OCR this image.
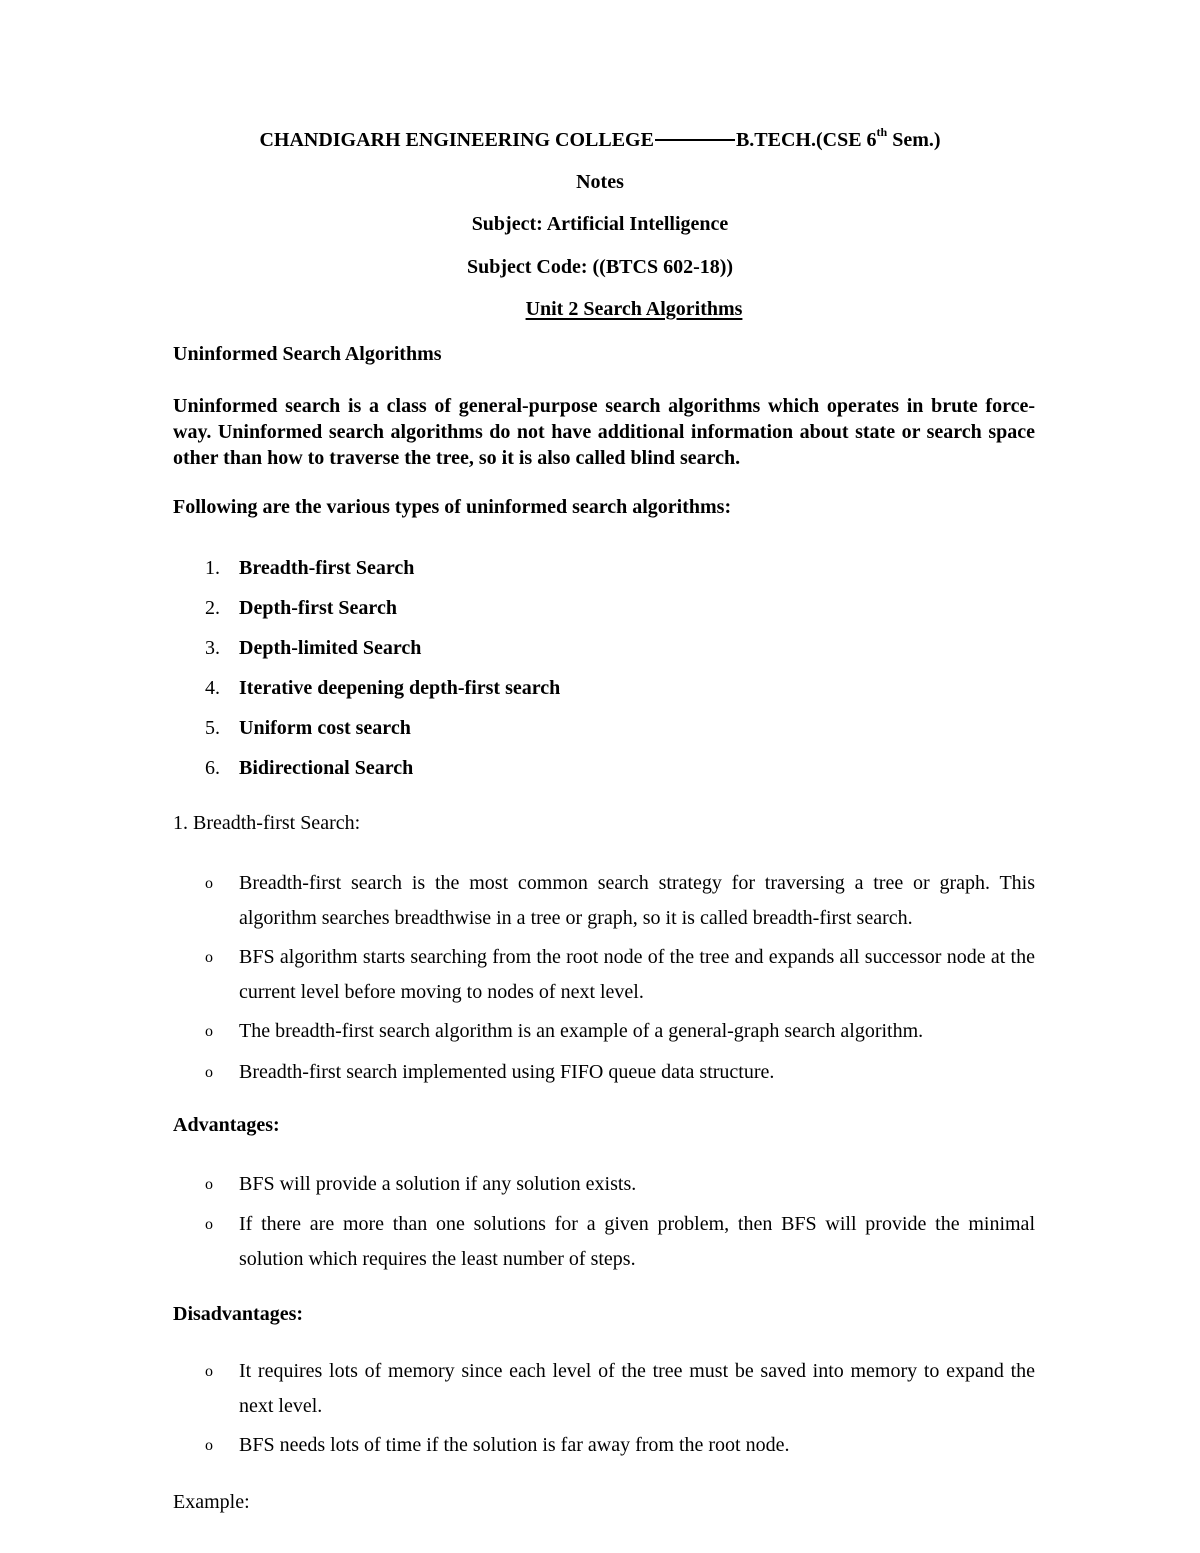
CHANDIGARH ENGINEERING COLLEGE	B.TECH.(CSE 6th Sem.)
Notes
Subject: Artificial Intelligence
Subject Code: ((BTCS 602-18))
Unit 2 Search Algorithms
Uninformed Search Algorithms
Uninformed search is a class of general-purpose search algorithms which operates in brute force-way. Uninformed search algorithms do not have additional information about state or search space other than how to traverse the tree, so it is also called blind search.
Following are the various types of uninformed search algorithms:
1. Breadth-first Search
2. Depth-first Search
3. Depth-limited Search
4. Iterative deepening depth-first search
5. Uniform cost search
6. Bidirectional Search
1. Breadth-first Search:
o	Breadth-first search is the most common search strategy for traversing a tree or graph. This algorithm searches breadthwise in a tree or graph, so it is called breadth-first search.
o	BFS algorithm starts searching from the root node of the tree and expands all successor node at the current level before moving to nodes of next level.
o	The breadth-first search algorithm is an example of a general-graph search algorithm.
o	Breadth-first search implemented using FIFO queue data structure.
Advantages:
o	BFS will provide a solution if any solution exists.
o	If there are more than one solutions for a given problem, then BFS will provide the minimal solution which requires the least number of steps.
Disadvantages:
o	It requires lots of memory since each level of the tree must be saved into memory to expand the next level.
o	BFS needs lots of time if the solution is far away from the root node.
Example:
